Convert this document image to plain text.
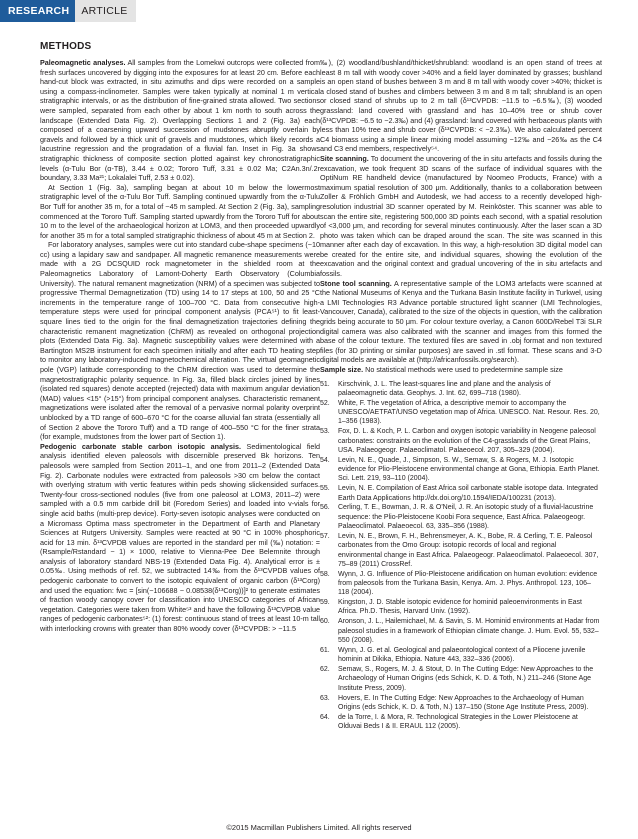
RESEARCH	ARTICLE
METHODS

Paleomagnetic analyses. All samples from the Lomekwi outcrops were collected from fresh surfaces uncovered by digging into the exposures for at least 20 cm. Before each hand-cut block was extracted, in situ azimuths and dips were recorded on a sample using a compass-inclinometer. Samples were taken typically at nominal 1 m vertical stratigraphic intervals, or as the distribution of fine-grained strata allowed. Two sections were sampled, separated from each other by about 1 km north to south across the landscape (Extended Data Fig. 2). Overlapping Sections 1 and 2 (Fig. 3a) each composed of a coarsening upward succession of mudstones abruptly overlain by gravels and followed by a thick unit of gravels and mudstones, which likely records a lacustrine regression and the progradation of a fluvial fan. Inset in Fig. 3a shows stratigraphic thickness of composite section plotted against key chronostratigraphic levels (α-Tulu Bor (α-TB), 3.44 ± 0.02; Tororo Tuff, 3.31 ± 0.02 Ma; C2An.3n/.2r boundary, 3.33 Ma²¹; Lokalalei Tuff, 2.53 ± 0.02).

At Section 1 (Fig. 3a), sampling began at about 10 m below the lowermost stratigraphic level of the α-Tulu Bor Tuff. Sampling continued upwardly from the α-Tulu Bor Tuff for another 35 m, for a total of ~45 m sampled. At Section 2 (Fig. 3a), sampling commenced at the Tororo Tuff. Sampling started upwardly from the Tororo Tuff for about 10 m to the level of the archaeological horizon at LOM3, and then proceeded upwardly for another 35 m for a total sampled stratigraphic thickness of about 45 m at Section 2.

For laboratory analyses, samples were cut into standard cube-shape specimens (~10 cc) using a lapidary saw and sandpaper. All magnetic remanence measurements were made with a 2G DCSQUID rock magnetometer in the shielded room at the Paleomagnetics Laboratory of Lamont-Doherty Earth Observatory (Columbia University). The natural remanent magnetization (NRM) of a specimen was subjected to progressive Thermal Demagnetization (TD) using 14 to 17 steps at 100, 50 and 25 °C increments in the temperature range of 100–700 °C. Data from consecutive high-temperature steps were used for principal component analysis (PCA⁵¹) to fit least-square lines tied to the origin for the final demagnetization trajectories defining the characteristic remanent magnetization (ChRM) as revealed on orthogonal projection plots (Extended Data Fig. 3a). Magnetic susceptibility values were determined with a Bartington MS2B instrument for each specimen initially and after each TD heating step to monitor any laboratory-induced magnetochemical alteration. The virtual geomagnetic pole (VGP) latitude corresponding to the ChRM direction was used to determine the magnetostratigraphic polarity sequence. In Fig. 3a, filled black circles joined by lines (isolated red squares) denote accepted (rejected) data with maximum angular deviation (MAD) values <15° (>15°) from principal component analyses. Characteristic remanent magnetizations were isolated after the removal of a pervasive normal polarity overprint unblocked by a TD range of 600–670 °C for the coarse alluvial fan strata (essentially all of Section 2 above the Tororo Tuff) and a TD range of 400–550 °C for the finer strata (for example, mudstones from the lower part of Section 1).

Pedogenic carbonate stable carbon isotopic analysis. Sedimentological field analysis identified eleven paleosols with discernible preserved Bk horizons. Ten paleosols were sampled from Section 2011–1, and one from 2011–2 (Extended Data Fig. 2). Carbonate nodules were extracted from paleosols >30 cm below the contact with overlying stratum with vertic features within peds showing slickensided surfaces. Twenty-four cross-sectioned nodules (five from one paleosol at LOM3, 2011–2) were sampled with a 0.5 mm carbide drill bit (Foredom Series) and loaded into v-vials for single acid baths (multi-prep device). Forty-seven isotopic analyses were conducted on a Micromass Optima mass spectrometer in the Department of Earth and Planetary Sciences at Rutgers University. Samples were reacted at 90 °C in 100% phosphoric acid for 13 min. δ¹³CVPDB values are reported in the standard per mil (‰) notation: = (Rsample/Rstandard − 1) × 1000, relative to Vienna-Pee Dee Belemnite through analysis of laboratory standard NBS-19 (Extended Data Fig. 4). Analytical error is ± 0.05‰. Using methods of ref. 52, we subtracted 14‰ from the δ¹³CVPDB values of pedogenic carbonate to convert to the isotopic equivalent of organic carbon (δ¹³Corg) and used the equation: fwc = [sin(−106688 − 0.08538(δ¹³Corg))]² to generate estimates of fraction woody canopy cover for classification into UNESCO categories of African vegetation. Categories were taken from White⁵³ and have the following δ¹³CVPDB value ranges of pedogenic carbonates⁵²: (1) forest: continuous stand of trees at least 10-m tall with interlocking crowns with greater than 80% woody cover (δ¹³CVPDB: > −11.5

‰), (2) woodland/bushland/thicket/shrubland: woodland is an open stand of trees at least 8 m tall with woody cover >40% and a field layer dominated by grasses; bushland is an open stand of bushes between 3 m and 8 m tall with woody cover >40%; thicket is a closed stand of bushes and climbers between 3 m and 8 m tall; shrubland is an open or closed stand of shrubs up to 2 m tall (δ¹³CVPDB: −11.5 to −6.5‰), (3) wooded grassland: land covered with grassland and has 10–40% tree or shrub cover (δ¹³CVPDB: −6.5 to −2.3‰) and (4) grassland: land covered with herbaceous plants with less than 10% tree and shrub cover (δ¹³CVPDB: < −2.3‰). We also calculated percent C4 biomass using a simple linear mixing model assuming −12‰ and −26‰ as the C4 and C3 end members, respectively⁵⁴.

Site scanning. To document the uncovering of the in situ artefacts and fossils during the excavation, we took frequent 3D scans of the surface of individual squares with the OptiNum RE handheld device (manufactured by Noomeo Products, France) with a maximum spatial resolution of 300 μm. Additionally, thanks to a collaboration between Zoller & Fröhlich GmbH and Autodesk, we had access to a recently developed high-resolution industrial 3D scanner operated by M. Reinköster. This scanner was able to scan the entire site, registering 500,000 3D points each second, with a spatial resolution of <3,000 μm, and recording for several minutes continuously. After the laser scan a 3D photo was taken which can be draped around the scan. The site was scanned in this manner after each day of excavation. In this way, a high-resolution 3D digital model can be created for the entire site, and individual squares, showing the evolution of the excavation and the original context and gradual uncovering of the in situ artefacts and fossils.

Stone tool scanning. A representative sample of the LOM3 artefacts were scanned at the National Museums of Kenya and the Turkana Basin Institute facility in Turkwel, using a LMI Technologies R3 Advance portable structured light scanner (LMI Technologies, Vancouver, Canada), calibrated to the size of the objects in question, with the calibration grids being accurate to 50 μm. For colour texture overlay, a Canon 600D/Rebel T3i SLR digital camera was also calibrated with the scanner and images from this formed the base of the colour texture. The textured files are saved in .obj format and non textured files (for 3D printing or similar purposes) are saved in .stl format. These scans and 3-D digital models are available at (http://africanfossils.org/search).

Sample size. No statistical methods were used to predetermine sample size

51.	Kirschvink, J. L. The least-squares line and plane and the analysis of palaeomagnetic data. Geophys. J. Int. 62, 699–718 (1980).
52.	White, F. The vegetation of Africa, a descriptive memoir to accompany the UNESCO/AETFAT/UNSO vegetation map of Africa. UNESCO. Nat. Resour. Res. 20, 1–356 (1983).
53.	Fox, D. L. & Koch, P. L. Carbon and oxygen isotopic variability in Neogene paleosol carbonates: constraints on the evolution of the C4-grasslands of the Great Plains, USA. Palaeogeogr. Palaeoclimatol. Palaeoecol. 207, 305–329 (2004).
54.	Levin, N. E., Quade, J., Simpson, S. W., Semaw, S. & Rogers, M. J. Isotopic evidence for Plio-Pleistocene environmental change at Gona, Ethiopia. Earth Planet. Sci. Lett. 219, 93–110 (2004).
55.	Levin, N. E. Compilation of East Africa soil carbonate stable isotope data. Integrated Earth Data Applications http://dx.doi.org/10.1594/IEDA/100231 (2013).
56.	Cerling, T. E., Bowman, J. R. & O'Neil, J. R. An isotopic study of a fluvial-lacustrine sequence: the Plio-Pleistocene Koobi Fora sequence, East Africa. Palaeogeogr. Palaeoclimatol. Palaeoecol. 63, 335–356 (1988).
57.	Levin, N. E., Brown, F. H., Behrensmeyer, A. K., Bobe, R. & Cerling, T. E. Paleosol carbonates from the Omo Group: isotopic records of local and regional environmental change in East Africa. Palaeogeogr. Palaeoclimatol. Palaeoecol. 307, 75–89 (2011) CrossRef.
58.	Wynn, J. G. Influence of Plio-Pleistocene aridification on human evolution: evidence from paleosols from the Turkana Basin, Kenya. Am. J. Phys. Anthropol. 123, 106–118 (2004).
59.	Kingston, J. D. Stable isotopic evidence for hominid paleoenvironments in East Africa. Ph.D. Thesis, Harvard Univ. (1992).
60.	Aronson, J. L., Hailemichael, M. & Savin, S. M. Hominid environments at Hadar from paleosol studies in a framework of Ethiopian climate change. J. Hum. Evol. 55, 532–550 (2008).
61.	Wynn, J. G. et al. Geological and palaeontological context of a Pliocene juvenile hominin at Dikika, Ethiopia. Nature 443, 332–336 (2006).
62.	Semaw, S., Rogers, M. J. & Stout, D. In The Cutting Edge: New Approaches to the Archaeology of Human Origins (eds Schick, K. D. & Toth, N.) 211–246 (Stone Age Institute Press, 2009).
63.	Hovers, E. In The Cutting Edge: New Approaches to the Archaeology of Human Origins (eds Schick, K. D. & Toth, N.) 137–150 (Stone Age Institute Press, 2009).
64.	de la Torre, I. & Mora, R. Technological Strategies in the Lower Pleistocene at Olduvai Beds I & II. ERAUL 112 (2005).
©2015 Macmillan Publishers Limited. All rights reserved
